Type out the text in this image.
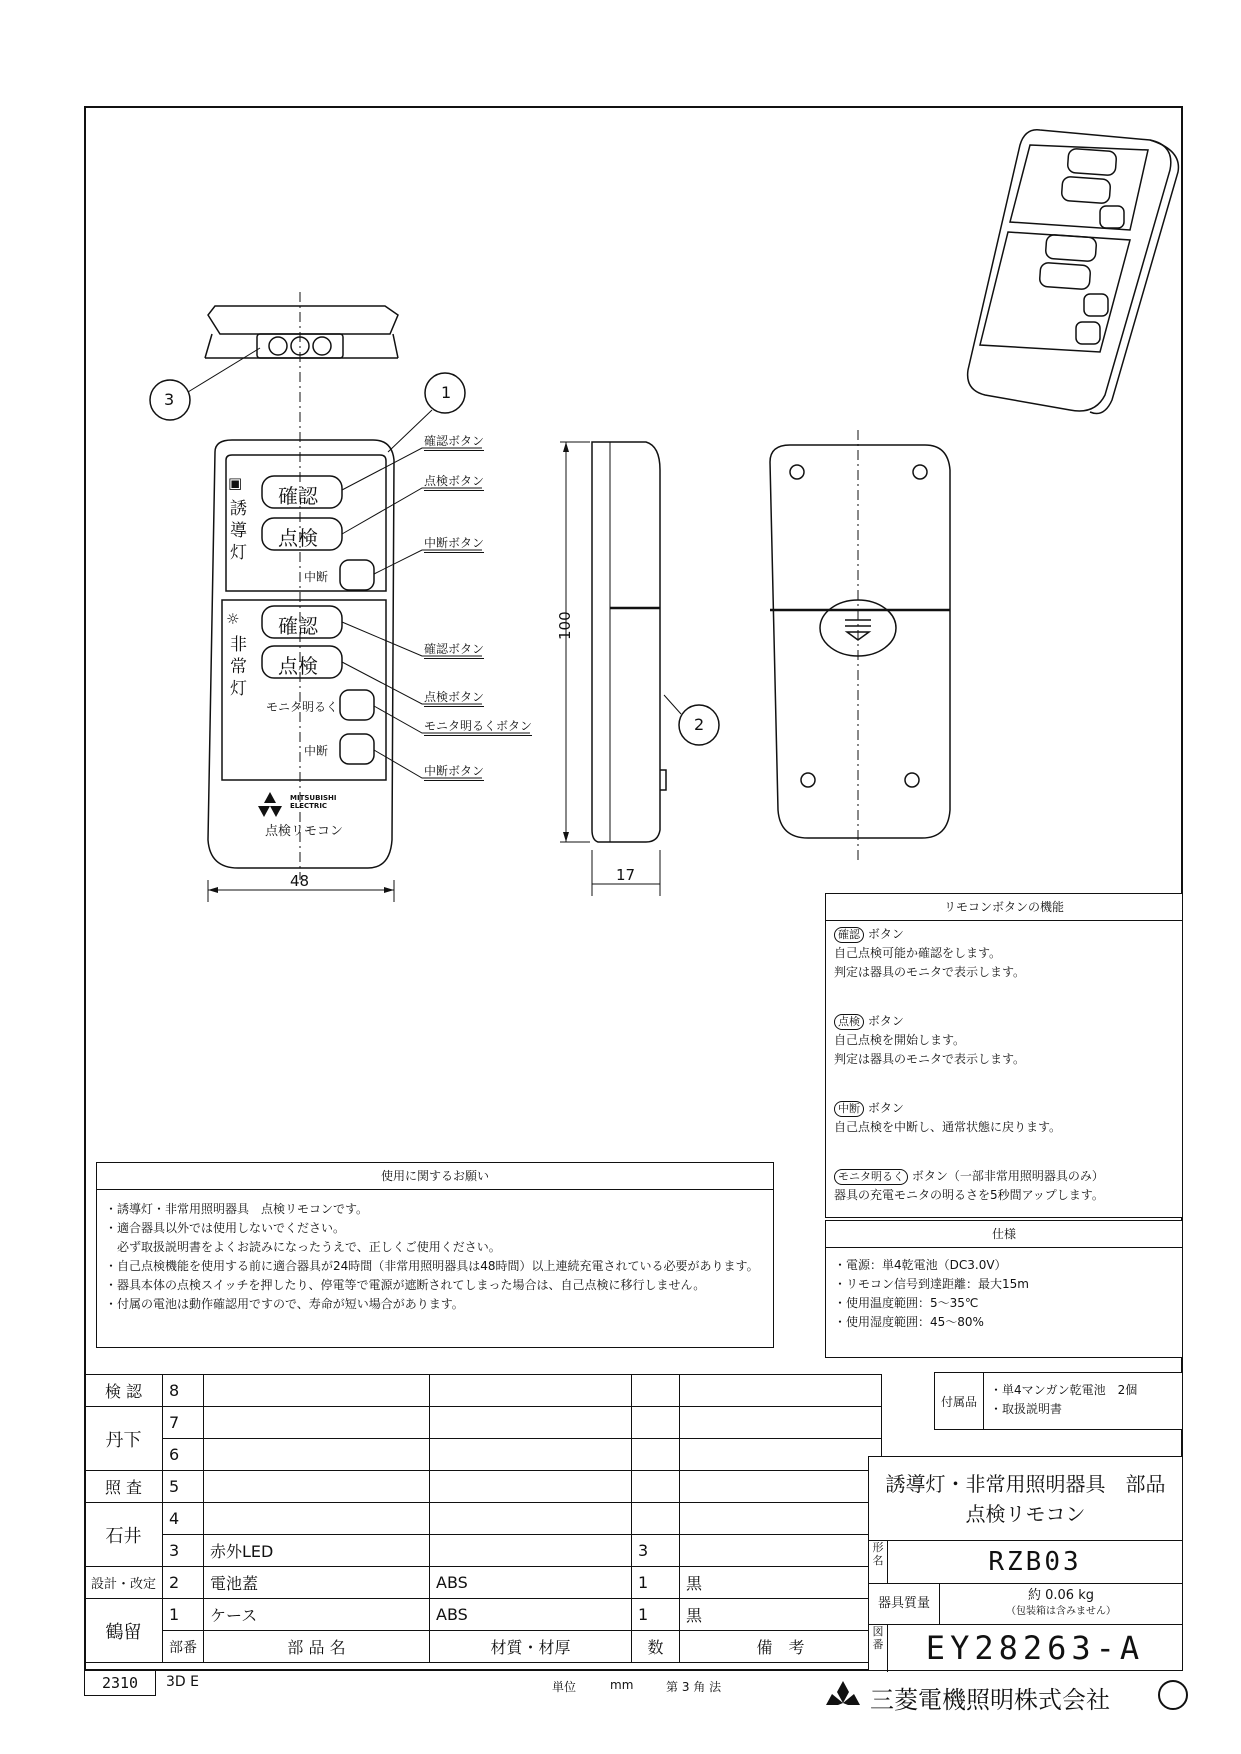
3	1
2
▣
誘
導
灯
☼
非
常
灯
確認
点検
中断
確認
点検
モニタ明るく
中断
MITSUBISHI ELECTRIC
点検リモコン
確認ボタン
点検ボタン
中断ボタン
確認ボタン
点検ボタン
モニタ明るくボタン
中断ボタン
48
100
17
リモコンボタンの機能
確認 ボタン
自己点検可能か確認をします。
判定は器具のモニタで表示します。
点検 ボタン
自己点検を開始します。
判定は器具のモニタで表示します。
中断 ボタン
自己点検を中断し、通常状態に戻ります。
モニタ明るく ボタン（一部非常用照明器具のみ）
器具の充電モニタの明るさを5秒間アップします。
仕様
・電源：単4乾電池（DC3.0V）
・リモコン信号到達距離：最大15m
・使用温度範囲：5～35℃
・使用湿度範囲：45～80%
使用に関するお願い
・誘導灯・非常用照明器具　点検リモコンです。
・適合器具以外では使用しないでください。
　必ず取扱説明書をよくお読みになったうえで、正しくご使用ください。
・自己点検機能を使用する前に適合器具が24時間（非常用照明器具は48時間）以上連続充電されている必要があります。
・器具本体の点検スイッチを押したり、停電等で電源が遮断されてしまった場合は、自己点検に移行しません。
・付属の電池は動作確認用ですので、寿命が短い場合があります。
付属品
・単4マンガン乾電池　2個
・取扱説明書
検 認	8				
丹下	7				
	6				
照 査	5				
石井	4				
	3	赤外LED		3	
設計・改定	2	電池蓋	ABS	1	黒
鶴留	1	ケース	ABS	1	黒
	部番	部 品 名	材質・材厚	数	備　考
誘導灯・非常用照明器具　部品
点検リモコン
形名	RZB03
器具質量
約 0.06 kg
（包装箱は含みません）
図番	EY28263-A
2310	3D E	単位	mm	第 3 角 法	三菱電機照明株式会社
